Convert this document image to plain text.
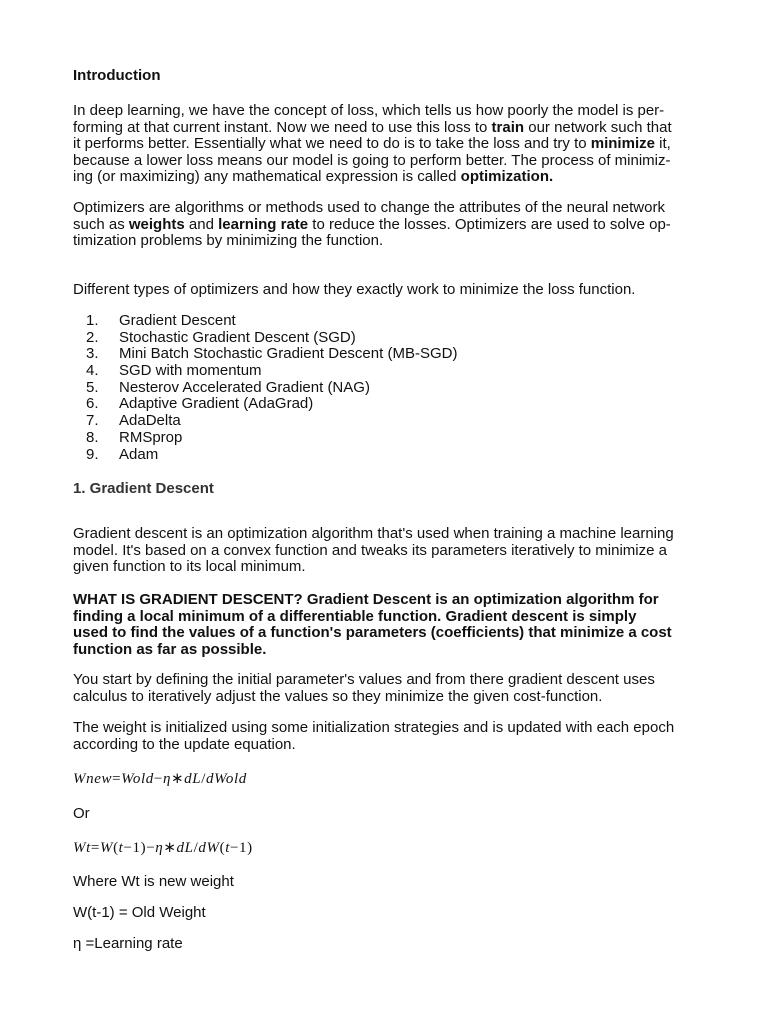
Introduction

In deep learning, we have the concept of loss, which tells us how poorly the model is per-
forming at that current instant. Now we need to use this loss to train our network such that
it performs better. Essentially what we need to do is to take the loss and try to minimize it,
because a lower loss means our model is going to perform better. The process of minimiz-
ing (or maximizing) any mathematical expression is called optimization.

Optimizers are algorithms or methods used to change the attributes of the neural network
such as weights and learning rate to reduce the losses. Optimizers are used to solve op-
timization problems by minimizing the function.

Different types of optimizers and how they exactly work to minimize the loss function.

1. Gradient Descent
2. Stochastic Gradient Descent (SGD)
3. Mini Batch Stochastic Gradient Descent (MB-SGD)
4. SGD with momentum
5. Nesterov Accelerated Gradient (NAG)
6. Adaptive Gradient (AdaGrad)
7. AdaDelta
8. RMSprop
9. Adam
1. Gradient Descent

Gradient descent is an optimization algorithm that's used when training a machine learning
model. It's based on a convex function and tweaks its parameters iteratively to minimize a
given function to its local minimum.

WHAT IS GRADIENT DESCENT? Gradient Descent is an optimization algorithm for
finding a local minimum of a differentiable function. Gradient descent is simply
used to find the values of a function's parameters (coefficients) that minimize a cost
function as far as possible.

You start by defining the initial parameter's values and from there gradient descent uses
calculus to iteratively adjust the values so they minimize the given cost-function.

The weight is initialized using some initialization strategies and is updated with each epoch
according to the update equation.

Wnew=Wold−η∗dL/dWold

Or

Wt=W(t−1)−η∗dL/dW(t−1)

Where Wt is new weight

W(t-1) = Old Weight

η =Learning rate
